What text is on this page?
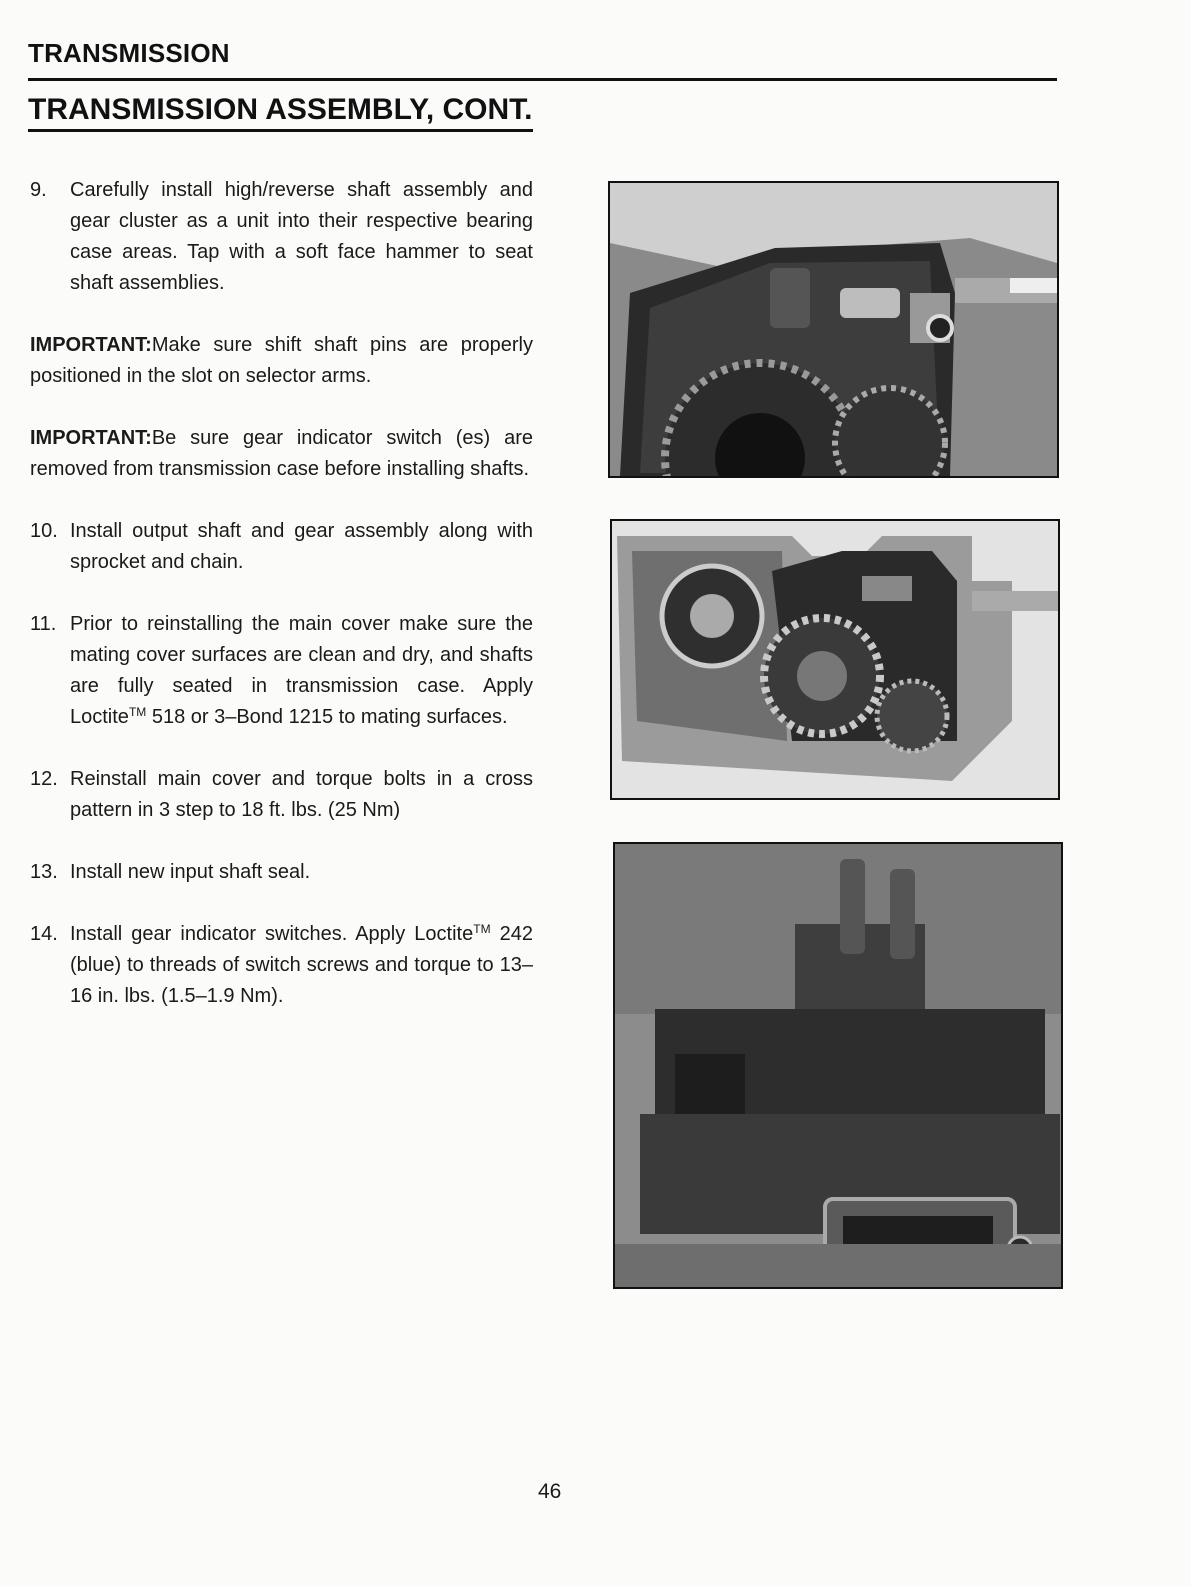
TRANSMISSION
TRANSMISSION ASSEMBLY, CONT.
9.	Carefully install high/reverse shaft assembly and gear cluster as a unit into their respective bearing case areas. Tap with a soft face hammer to seat shaft assemblies.
IMPORTANT:Make sure shift shaft pins are properly positioned in the slot on selector arms.
IMPORTANT:Be sure gear indicator switch (es) are removed from transmission case before installing shafts.
10. Install output shaft and gear assembly along with sprocket and chain.
11. Prior to reinstalling the main cover make sure the mating cover surfaces are clean and dry, and shafts are fully seated in transmission case. Apply Loctite™ 518 or 3–Bond 1215 to mating surfaces.
12. Reinstall main cover and torque bolts in a cross pattern in 3 step to 18 ft. lbs. (25 Nm)
13. Install new input shaft seal.
14. Install gear indicator switches. Apply Loctite™ 242 (blue) to threads of switch screws and torque to 13–16 in. lbs. (1.5–1.9 Nm).
46
